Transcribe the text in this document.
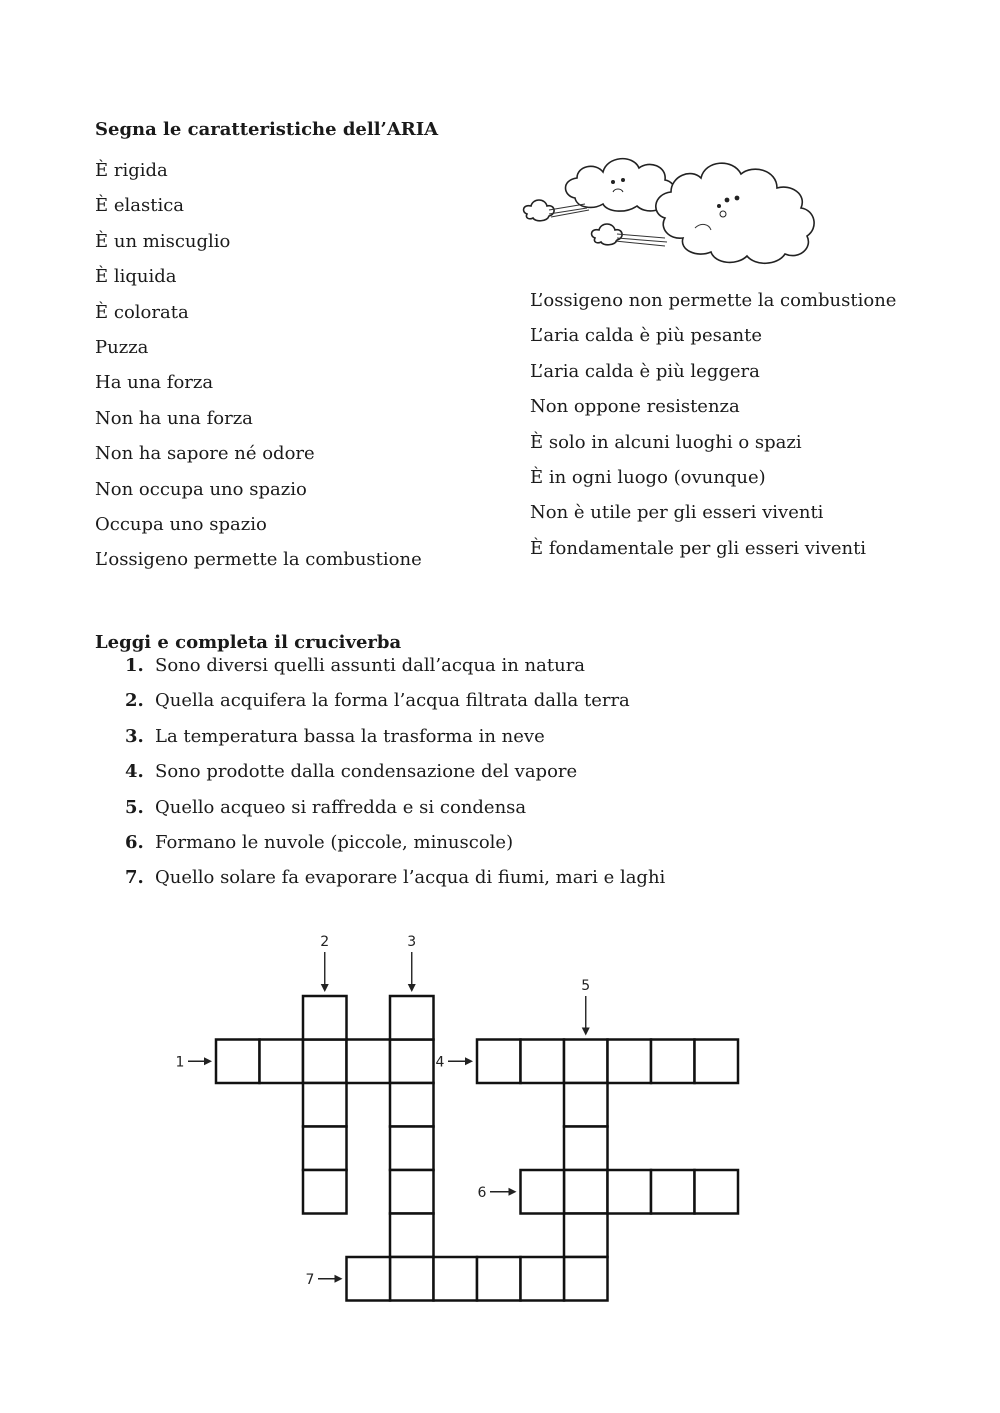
Segna le caratteristiche dell’ARIA
È rigida
È elastica
È un miscuglio
È liquida
È colorata
Puzza
Ha una forza
Non ha una forza
Non ha sapore né odore
Non occupa uno spazio
Occupa uno spazio
L’ossigeno permette la combustione
L’ossigeno non permette la combustione
L’aria calda è più pesante
L’aria calda è più leggera
Non oppone resistenza
È solo in alcuni luoghi o spazi
È in ogni luogo (ovunque)
Non è utile per gli esseri viventi
È fondamentale per gli esseri viventi
Leggi e completa il cruciverba
1. Sono diversi quelli assunti dall’acqua in natura
2. Quella acquifera la forma l’acqua filtrata dalla terra
3. La temperatura bassa la trasforma in neve
4. Sono prodotte dalla condensazione del vapore
5. Quello acqueo si raffredda e si condensa
6. Formano le nuvole (piccole, minuscole)
7. Quello solare fa evaporare l’acqua di fiumi, mari e laghi
1
2	3
4
5
6
7
